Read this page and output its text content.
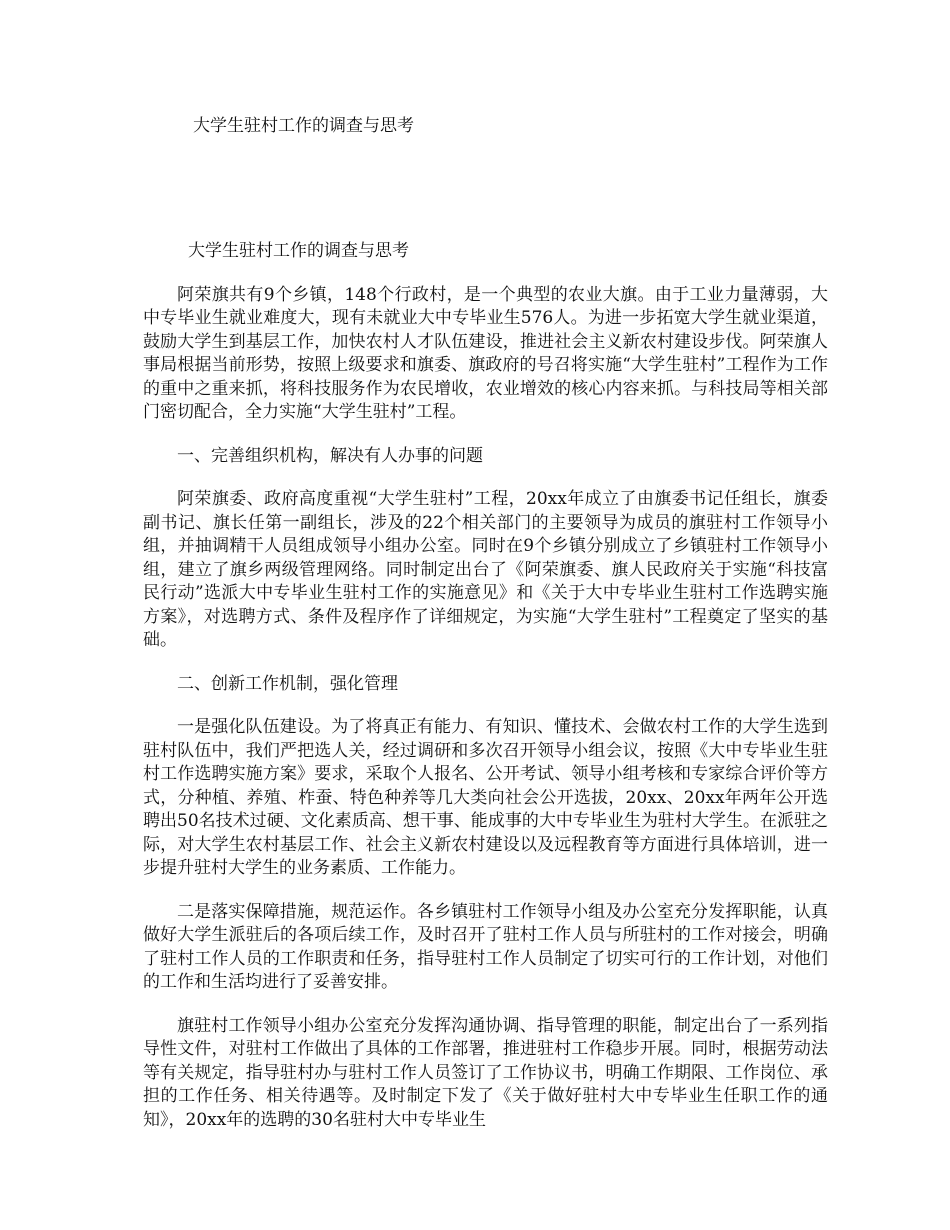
大学生驻村工作的调查与思考
大学生驻村工作的调查与思考

阿荣旗共有9个乡镇，148个行政村，是一个典型的农业大旗。由于工业力量薄弱，大中专毕业生就业难度大，现有未就业大中专毕业生576人。为进一步拓宽大学生就业渠道，鼓励大学生到基层工作，加快农村人才队伍建设，推进社会主义新农村建设步伐。阿荣旗人事局根据当前形势，按照上级要求和旗委、旗政府的号召将实施“大学生驻村”工程作为工作的重中之重来抓，将科技服务作为农民增收，农业增效的核心内容来抓。与科技局等相关部门密切配合，全力实施“大学生驻村”工程。

一、完善组织机构，解决有人办事的问题

阿荣旗委、政府高度重视“大学生驻村”工程，20xx年成立了由旗委书记任组长，旗委副书记、旗长任第一副组长，涉及的22个相关部门的主要领导为成员的旗驻村工作领导小组，并抽调精干人员组成领导小组办公室。同时在9个乡镇分别成立了乡镇驻村工作领导小组，建立了旗乡两级管理网络。同时制定出台了《阿荣旗委、旗人民政府关于实施“科技富民行动”选派大中专毕业生驻村工作的实施意见》和《关于大中专毕业生驻村工作选聘实施方案》，对选聘方式、条件及程序作了详细规定，为实施“大学生驻村”工程奠定了坚实的基础。

二、创新工作机制，强化管理

一是强化队伍建设。为了将真正有能力、有知识、懂技术、会做农村工作的大学生选到驻村队伍中，我们严把选人关，经过调研和多次召开领导小组会议，按照《大中专毕业生驻村工作选聘实施方案》要求，采取个人报名、公开考试、领导小组考核和专家综合评价等方式，分种植、养殖、柞蚕、特色种养等几大类向社会公开选拔，20xx、20xx年两年公开选聘出50名技术过硬、文化素质高、想干事、能成事的大中专毕业生为驻村大学生。在派驻之际，对大学生农村基层工作、社会主义新农村建设以及远程教育等方面进行具体培训，进一步提升驻村大学生的业务素质、工作能力。

二是落实保障措施，规范运作。各乡镇驻村工作领导小组及办公室充分发挥职能，认真做好大学生派驻后的各项后续工作，及时召开了驻村工作人员与所驻村的工作对接会，明确了驻村工作人员的工作职责和任务，指导驻村工作人员制定了切实可行的工作计划，对他们的工作和生活均进行了妥善安排。

旗驻村工作领导小组办公室充分发挥沟通协调、指导管理的职能，制定出台了一系列指导性文件，对驻村工作做出了具体的工作部署，推进驻村工作稳步开展。同时，根据劳动法等有关规定，指导驻村办与驻村工作人员签订了工作协议书，明确工作期限、工作岗位、承担的工作任务、相关待遇等。及时制定下发了《关于做好驻村大中专毕业生任职工作的通知》，20xx年的选聘的30名驻村大中专毕业生
